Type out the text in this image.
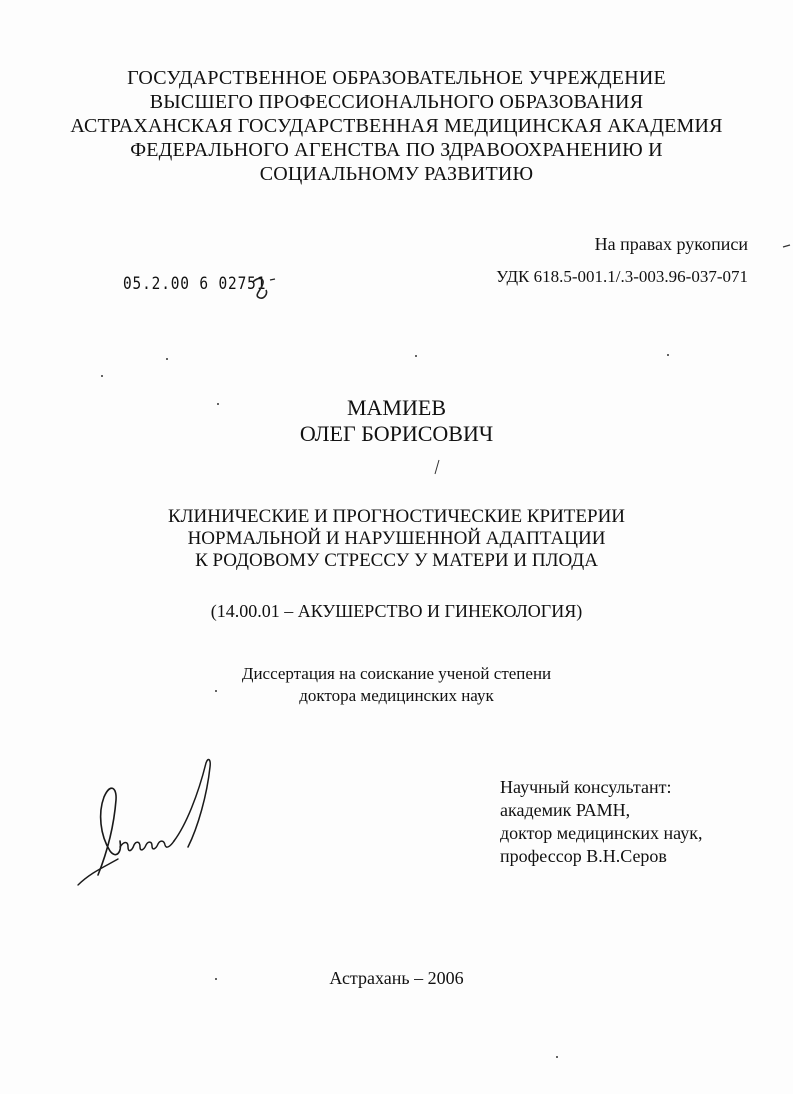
ГОСУДАРСТВЕННОЕ ОБРАЗОВАТЕЛЬНОЕ УЧРЕЖДЕНИЕ
ВЫСШЕГО ПРОФЕССИОНАЛЬНОГО ОБРАЗОВАНИЯ
АСТРАХАНСКАЯ ГОСУДАРСТВЕННАЯ МЕДИЦИНСКАЯ АКАДЕМИЯ
ФЕДЕРАЛЬНОГО АГЕНСТВА ПО ЗДРАВООХРАНЕНИЮ И
СОЦИАЛЬНОМУ РАЗВИТИЮ
На правах рукописи
05.2.00 6 02751	УДК 618.5-001.1/.3-003.96-037-071
МАМИЕВ
ОЛЕГ БОРИСОВИЧ
КЛИНИЧЕСКИЕ И ПРОГНОСТИЧЕСКИЕ КРИТЕРИИ
НОРМАЛЬНОЙ И НАРУШЕННОЙ АДАПТАЦИИ
К РОДОВОМУ СТРЕССУ У МАТЕРИ И ПЛОДА
(14.00.01 – АКУШЕРСТВО И ГИНЕКОЛОГИЯ)
Диссертация на соискание ученой степени
доктора медицинских наук
Научный консультант:
академик РАМН,
доктор медицинских наук,
профессор В.Н.Серов
Астрахань – 2006
